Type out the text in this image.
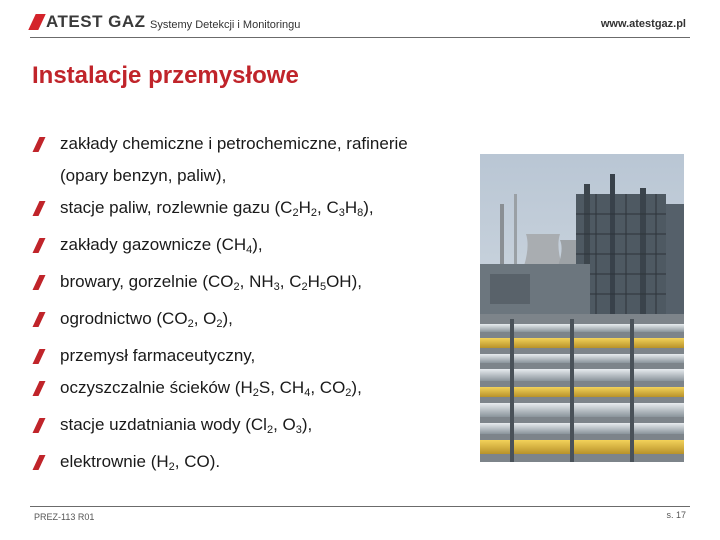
ATEST GAZ Systemy Detekcji i Monitoringu	www.atestgaz.pl
Instalacje przemysłowe
zakłady chemiczne i petrochemiczne, rafinerie
(opary benzyn, paliw),
stacje paliw, rozlewnie gazu ($C_2H_2$, $C_3H_8$),
zakłady gazownicze $(CH_4)$,
browary, gorzelnie ($CO_2$, $NH_3$, $C_2H_5OH$),
ogrodnictwo ($CO_2$, $O_2$),
przemysł farmaceutyczny,
oczyszczalnie ścieków ($H_2S$, $CH_4$, $CO_2$),
stacje uzdatniania wody ($Cl_2$, $O_3$),
elektrownie ($H_2$, CO).
PREZ-113 R01	s. 17
